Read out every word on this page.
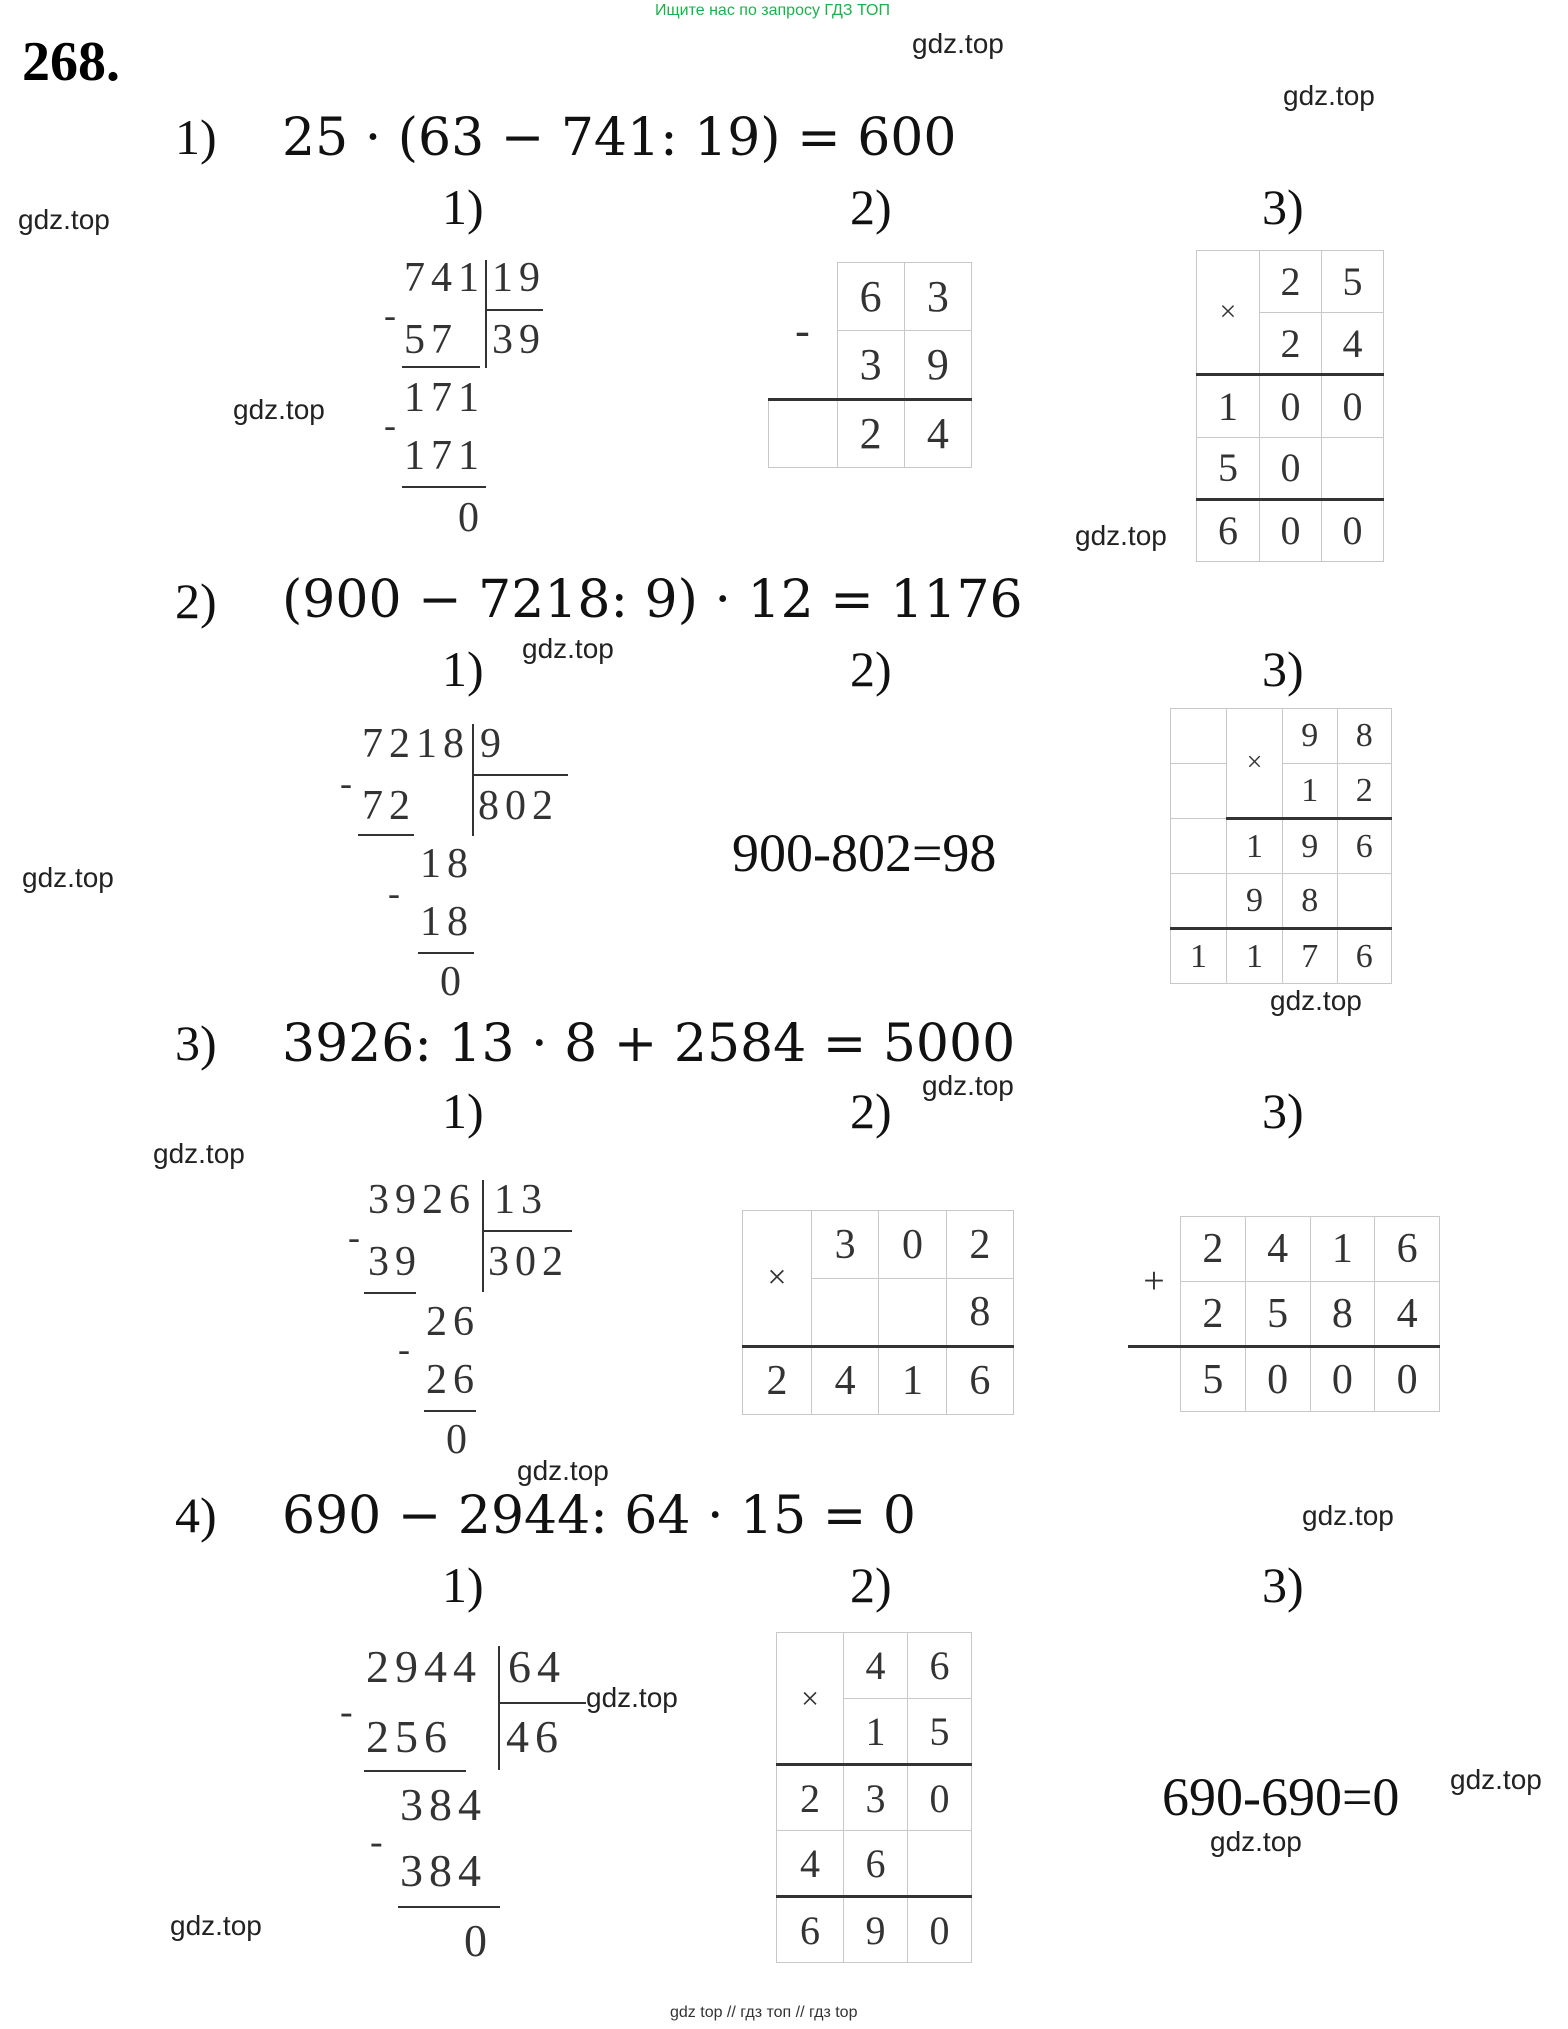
Ищите нас по запросу ГДЗ ТОП
268.	gdz.top
gdz.top
gdz.top
gdz.top
gdz.top
gdz.top
gdz.top
gdz.top
gdz.top
gdz.top
gdz.top
gdz.top
gdz.top
gdz.top
gdz.top
gdz.top
1) 25 · (63 − 741: 19) = 600
1)	2)	3)
741 19
39
-
57
171
-
171
0
-	6	3
	3	9
	2	4
×	2	5
	2	4
1	0	0
5	0	
6	0	0
2) (900 − 7218: 9) · 12 = 1176
1)	2)	3)
7218 9
802
- 72
18
-
18
0
900-802=98
	×	9	8
		1	2
	1	9	6
	9	8	
1	1	7	6
3) 3926: 13 · 8 + 2584 = 5000
1)	2)	3)
3926 13
302
-
39
26
-
26
0
×	3	0	2
			8
2	4	1	6
+	2	4	1	6
	2	5	8	4
	5	0	0	0
4) 690 − 2944: 64 · 15 = 0
1)	2)	3)
2944 64
46
- 256
384
-
384
0
×	4	6
	1	5
2	3	0
4	6	
6	9	0
690-690=0
gdz top // гдз топ // гдз top
